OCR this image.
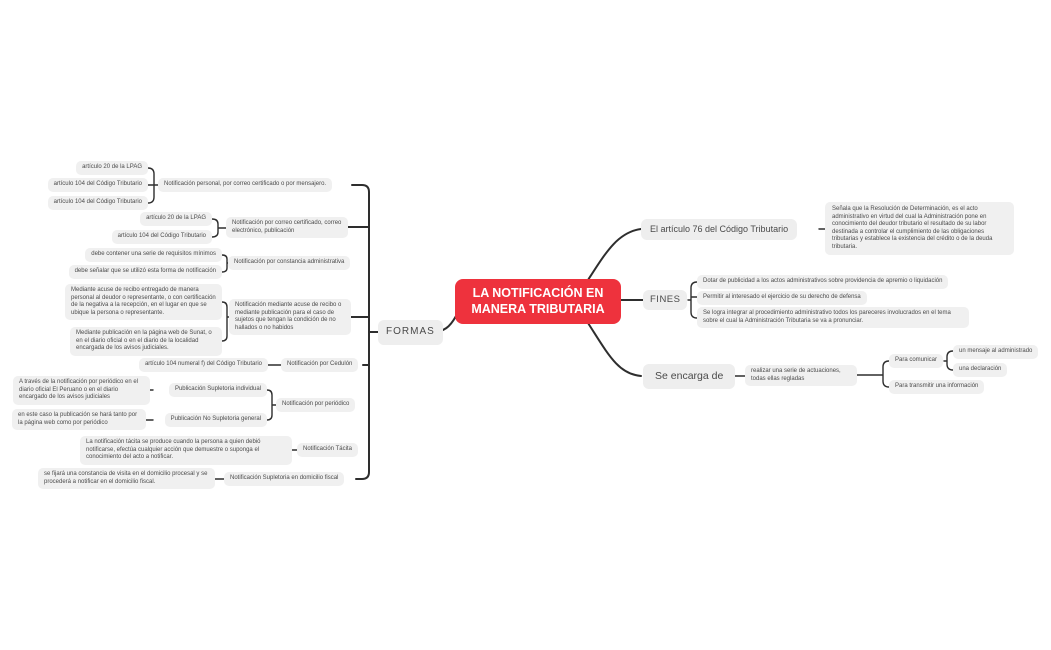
LA NOTIFICACIÓN EN MANERA TRIBUTARIA
FORMAS
artículo 20 de la LPAG
artículo 104 del Código Tributario
artículo 104 del Código Tributario
Notificación personal, por correo certificado o por mensajero.
artículo 20 de la LPAG
artículo 104 del Código Tributario
Notificación por correo certificado, correo electrónico, publicación
debe contener una serie de requisitos mínimos
debe señalar que se utilizó esta forma de notificación
Notificación por constancia administrativa
Mediante acuse de recibo entregado de manera personal al deudor o representante, o con certificación de la negativa a la recepción, en el lugar en que se ubique la persona o representante.
Mediante publicación en la página web de Sunat, o en el diario oficial o en el diario de la localidad encargada de los avisos judiciales.
Notificación mediante acuse de recibo o mediante publicación para el caso de sujetos que tengan la condición de no hallados o no habidos
artículo 104 numeral f) del Código Tributario	Notificación por Cedulón
A través de la notificación por periódico en el diario oficial El Peruano o en el diario encargado de los avisos judiciales
Publicación Supletoria individual
en este caso la publicación se hará tanto por la página web como por periódico
Publicación No Supletoria general
Notificación por periódico
La notificación tácita se produce cuando la persona a quien debió notificarse, efectúa cualquier acción que demuestre o suponga el conocimiento del acto a notificar.
Notificación Tácita
se fijará una constancia de visita en el domicilio procesal y se procederá a notificar en el domicilio fiscal.
Notificación Supletoria en domicilio fiscal
El artículo 76 del Código Tributario
Señala que la Resolución de Determinación, es el acto administrativo en virtud del cual la Administración pone en conocimiento del deudor tributario el resultado de su labor destinada a controlar el cumplimiento de las obligaciones tributarias y establece la existencia del crédito o de la deuda tributaria.
FINES
Dotar de publicidad a los actos administrativos sobre providencia de apremio o liquidación
Permitir al interesado el ejercicio de su derecho de defensa
Se logra integrar al procedimiento administrativo todos los pareceres involucrados en el tema sobre el cual la Administración Tributaria se va a pronunciar.
Se encarga de	realizar una serie de actuaciones, todas ellas regladas
Para comunicar
un mensaje al administrado
una declaración
Para transmitir una información
